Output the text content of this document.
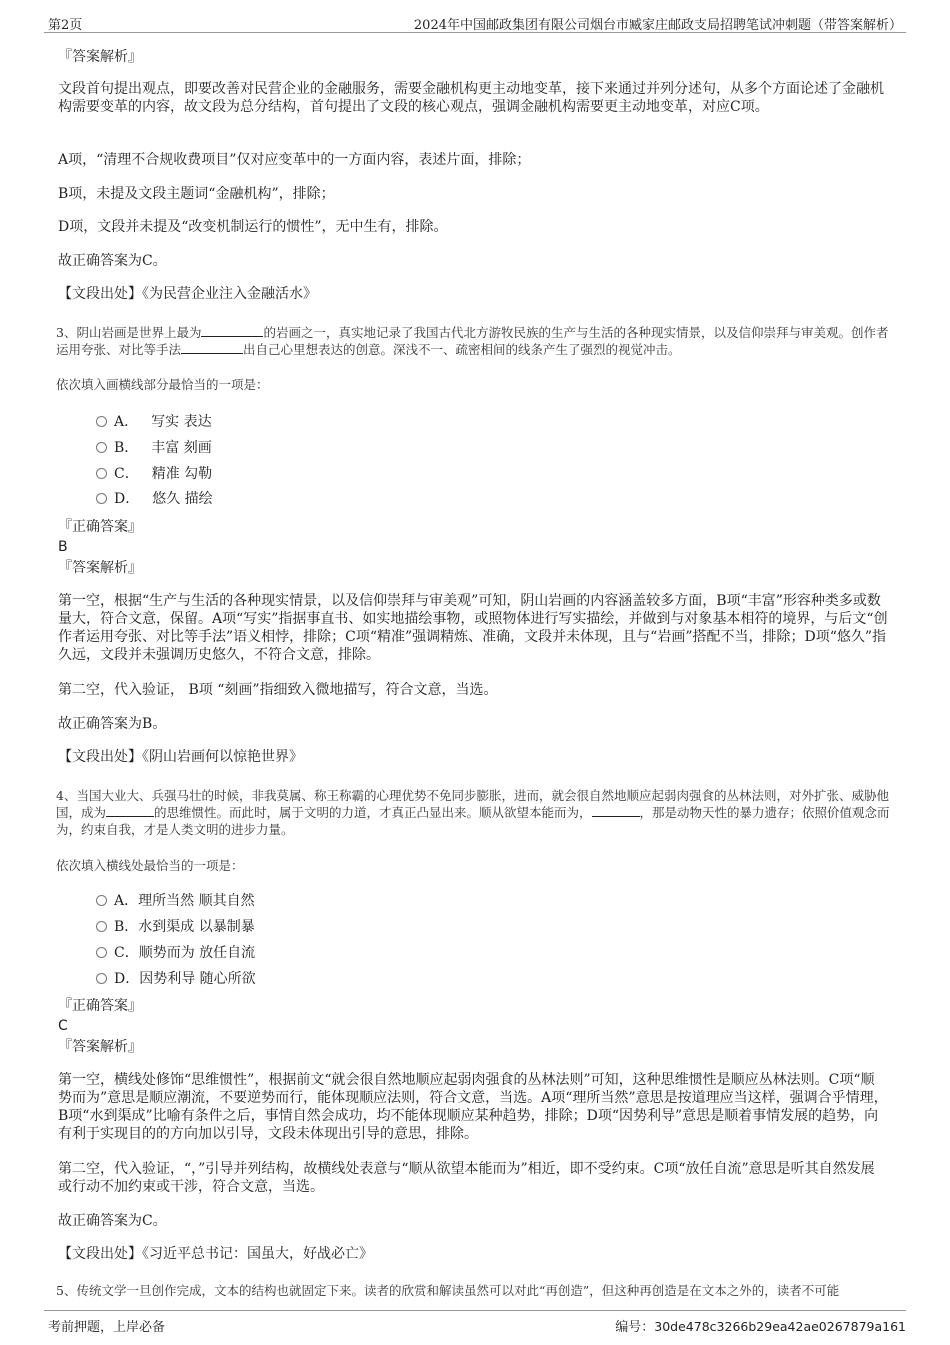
第2页	2024年中国邮政集团有限公司烟台市臧家庄邮政支局招聘笔试冲刺题（带答案解析）

『答案解析』

文段首句提出观点，即要改善对民营企业的金融服务，需要金融机构更主动地变革，接下来通过并列分述句，从多个方面论述了金融机构需要变革的内容，故文段为总分结构，首句提出了文段的核心观点，强调金融机构需要更主动地变革，对应C项。

A项，“清理不合规收费项目”仅对应变革中的一方面内容，表述片面，排除；

B项，未提及文段主题词“金融机构”，排除；

D项，文段并未提及“改变机制运行的惯性”，无中生有，排除。

故正确答案为C。

【文段出处】《为民营企业注入金融活水》

3、阴山岩画是世界上最为	的岩画之一，真实地记录了我国古代北方游牧民族的生产与生活的各种现实情景，以及信仰崇拜与审美观。创作者运用夸张、对比等手法	出自己心里想表达的创意。深浅不一、疏密相间的线条产生了强烈的视觉冲击。

依次填入画横线部分最恰当的一项是：

A． 写实 表达
B． 丰富 刻画
C． 精准 勾勒
D． 悠久 描绘

『正确答案』

B

『答案解析』

第一空，根据“生产与生活的各种现实情景，以及信仰崇拜与审美观”可知，阴山岩画的内容涵盖较多方面，B项“丰富”形容种类多或数量大，符合文意，保留。A项“写实”指据事直书、如实地描绘事物，或照物体进行写实描绘，并做到与对象基本相符的境界，与后文“创作者运用夸张、对比等手法”语义相悖，排除；C项“精准”强调精炼、准确，文段并未体现，且与“岩画”搭配不当，排除；D项“悠久”指久远，文段并未强调历史悠久，不符合文意，排除。

第二空，代入验证， B项 “刻画”指细致入微地描写，符合文意，当选。

故正确答案为B。

【文段出处】《阴山岩画何以惊艳世界》

4、当国大业大、兵强马壮的时候，非我莫属、称王称霸的心理优势不免同步膨胀，进而，就会很自然地顺应起弱肉强食的丛林法则，对外扩张、威胁他国，成为	的思维惯性。而此时，属于文明的力道，才真正凸显出来。顺从欲望本能而为，	，那是动物天性的暴力遗存；依照价值观念而为，约束自我，才是人类文明的进步力量。

依次填入横线处最恰当的一项是：

A．理所当然 顺其自然
B．水到渠成 以暴制暴
C．顺势而为 放任自流
D．因势利导 随心所欲

『正确答案』

C

『答案解析』

第一空，横线处修饰“思维惯性”，根据前文“就会很自然地顺应起弱肉强食的丛林法则”可知，这种思维惯性是顺应丛林法则。C项“顺势而为”意思是顺应潮流，不要逆势而行，能体现顺应法则，符合文意，当选。A项“理所当然”意思是按道理应当这样，强调合乎情理，B项“水到渠成”比喻有条件之后，事情自然会成功，均不能体现顺应某种趋势，排除；D项“因势利导”意思是顺着事情发展的趋势，向有利于实现目的的方向加以引导，文段未体现出引导的意思，排除。

第二空，代入验证，“，”引导并列结构，故横线处表意与“顺从欲望本能而为”相近，即不受约束。C项“放任自流”意思是听其自然发展或行动不加约束或干涉，符合文意，当选。

故正确答案为C。

【文段出处】《习近平总书记：国虽大，好战必亡》

5、传统文学一旦创作完成，文本的结构也就固定下来。读者的欣赏和解读虽然可以对此“再创造”，但这种再创造是在文本之外的，读者不可能

考前押题，上岸必备	编号：30de478c3266b29ea42ae0267879a161
